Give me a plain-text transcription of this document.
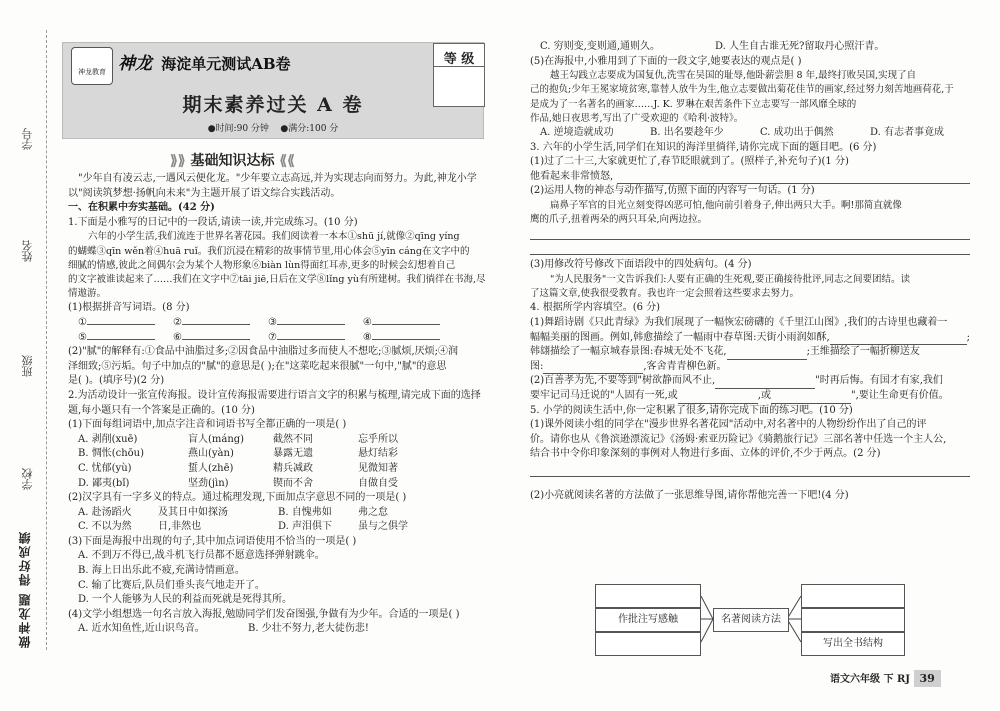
学号
姓名
班级
学校
做神龙题 得好成绩
神龙教育 神龙 海淀单元测试AB卷	等 级
期末素养过关 A 卷
●时间:90 分钟 ●满分:100 分
⟫⟫ 基础知识达标 ⟪⟪
"少年自有凌云志,一遇风云便化龙。"少年要立志高远,并为实现志向而努力。为此,神龙小学
以"阅读筑梦想·扬帆向未来"为主题开展了语文综合实践活动。
一、在积累中夯实基础。(42 分)
1.下面是小雅写的日记中的一段话,请读一读,并完成练习。(10 分)
六年的小学生活,我们流连于世界名著花园。我们阅读着一本本①shū jí,就像②qīng yíng
的蝴蝶③qīn wěn着④huā ruǐ。我们沉浸在精彩的故事情节里,用心体会⑤yīn cáng在文字中的
细腻的情感,彼此之间偶尔会为某个人物形象⑥biàn lùn得面红耳赤,更多的时候会幻想着自己
的文字被谁读起来了……我们在文字中⑦tāi jiē,日后在文学⑧lǐng yù有所建树。我们徜徉在书海,尽情遨游。
(1)根据拼音写词语。(8 分)
①	②	③	④
⑤	⑥	⑦	⑧
(2)"腻"的解释有:①食品中油脂过多;②因食品中油脂过多而使人不想吃;③腻烦,厌烦;④润
泽细致;⑤污垢。句子中加点的"腻"的意思是( );在"这菜吃起来很腻"一句中,"腻"的意思
是( )。(填序号)(2 分)
2.为活动设计一张宣传海报。设计宣传海报需要进行语言文字的积累与梳理,请完成下面的选择
题,每小题只有一个答案是正确的。(10 分)
(1)下面每组词语中,加点字注音和词语书写全都正确的一项是( )
A. 剥削(xuē)	盲人(máng)	截然不同	忘乎所以
B. 惆怅(chōu)	燕山(yàn)	暴露无遗	悬灯结彩
C. 忧郁(yù)	蜇人(zhē)	精兵减政	见微知著
D. 鄙夷(bǐ)	坚劲(jìn)	锲而不舍	自做自受
(2)汉字具有一字多义的特点。通过梳理发现,下面加点字意思不同的一项是( )
A. 赴汤蹈火	及其日中如探汤	B. 自愧弗如	弗之怠
C. 不以为然	日,非然也	D. 声泪俱下	虽与之俱学
(3)下面是海报中出现的句子,其中加点词语使用不恰当的一项是( )
A. 不到万不得已,战斗机飞行员都不愿意选择弹射跳伞。
B. 海上日出乐此不疲,充满诗情画意。
C. 输了比赛后,队员们垂头丧气地走开了。
D. 一个人能够为人民的利益而死就是死得其所。
(4)文学小组想选一句名言放入海报,勉励同学们发奋图强,争做有为少年。合适的一项是( )
A. 近水知鱼性,近山识鸟音。	B. 少壮不努力,老大徒伤悲!
C. 穷则变,变则通,通则久。	D. 人生自古谁无死?留取丹心照汗青。
(5)在海报中,小雅用到了下面的一段文字,她要表达的观点是( )
越王勾践立志要成为国复仇,洗雪在吴国的耻辱,他卧薪尝胆 8 年,最终打败吴国,实现了自
己的抱负;少年王冕家境贫寒,靠替人放牛为生,他立志要做出菊花佳节的画家,经过努力刻苦地画荷花,于
是成为了一名著名的画家……J. K. 罗琳在艰苦条件下立志要写一部风靡全球的
作品,她日夜思考,写出了广受欢迎的《哈利·波特》。
A. 逆境造就成功	B. 出名要趁年少	C. 成功出于偶然	D. 有志者事竟成
3. 六年的小学生活,同学们在知识的海洋里徜徉,请你完成下面的题目吧。(6 分)
(1)过了二十三,大家就更忙了,春节眨眼就到了。(照样子,补充句子)(1 分)
他看起来非常愤怒,
(2)运用人物的神态与动作描写,仿照下面的内容写一句话。(1 分)
扁鼻子军官的目光立刻变得凶恶可怕,他向前引着身子,伸出两只大手。啊!那简直就像
鹰的爪子,扭着两朵的两只耳朵,向两边拉。
(3)用修改符号修改下面语段中的四处病句。(4 分)
"为人民服务"一文告诉我们:人要有正确的生死观,要正确接待批评,同志之间要团结。读
了这篇文章,使我很受教育。我也许一定会照着这些要求去努力。
4. 根据所学内容填空。(6 分)
(1)舞蹈诗剧《只此青绿》为我们展现了一幅恢宏磅礴的《千里江山图》,我们的古诗里也藏着一
幅幅美丽的图画。例如,韩愈描绘了一幅雨中春草图:天街小雨润如酥,	;
韩翃描绘了一幅京城春景图:春城无处不飞花,	;王维描绘了一幅折柳送友
图:	,客舍青青柳色新。
(2)百善孝为先,不要等到"树欲静而风不止,	"时再后悔。有国才有家,我们
要牢记司马迁说的"人固有一死,或	,或	",要让生命更有价值。
5. 小学的阅读生活中,你一定积累了很多,请你完成下面的练习吧。(10 分)
(1)课外阅读小组的同学在"漫步世界名著花园"活动中,对名著中的人物纷纷作出了自己的评
价。请你也从《鲁滨逊漂流记》《汤姆·索亚历险记》《骑鹅旅行记》三部名著中任选一个主人公,
结合书中令你印象深刻的事例对人物进行多面、立体的评价,不少于两点。(2 分)
(2)小亮就阅读名著的方法做了一张思维导图,请你帮他完善一下吧!(4 分)
作批注写感触	名著阅读方法
写出全书结构
语文六年级 下 RJ 39
